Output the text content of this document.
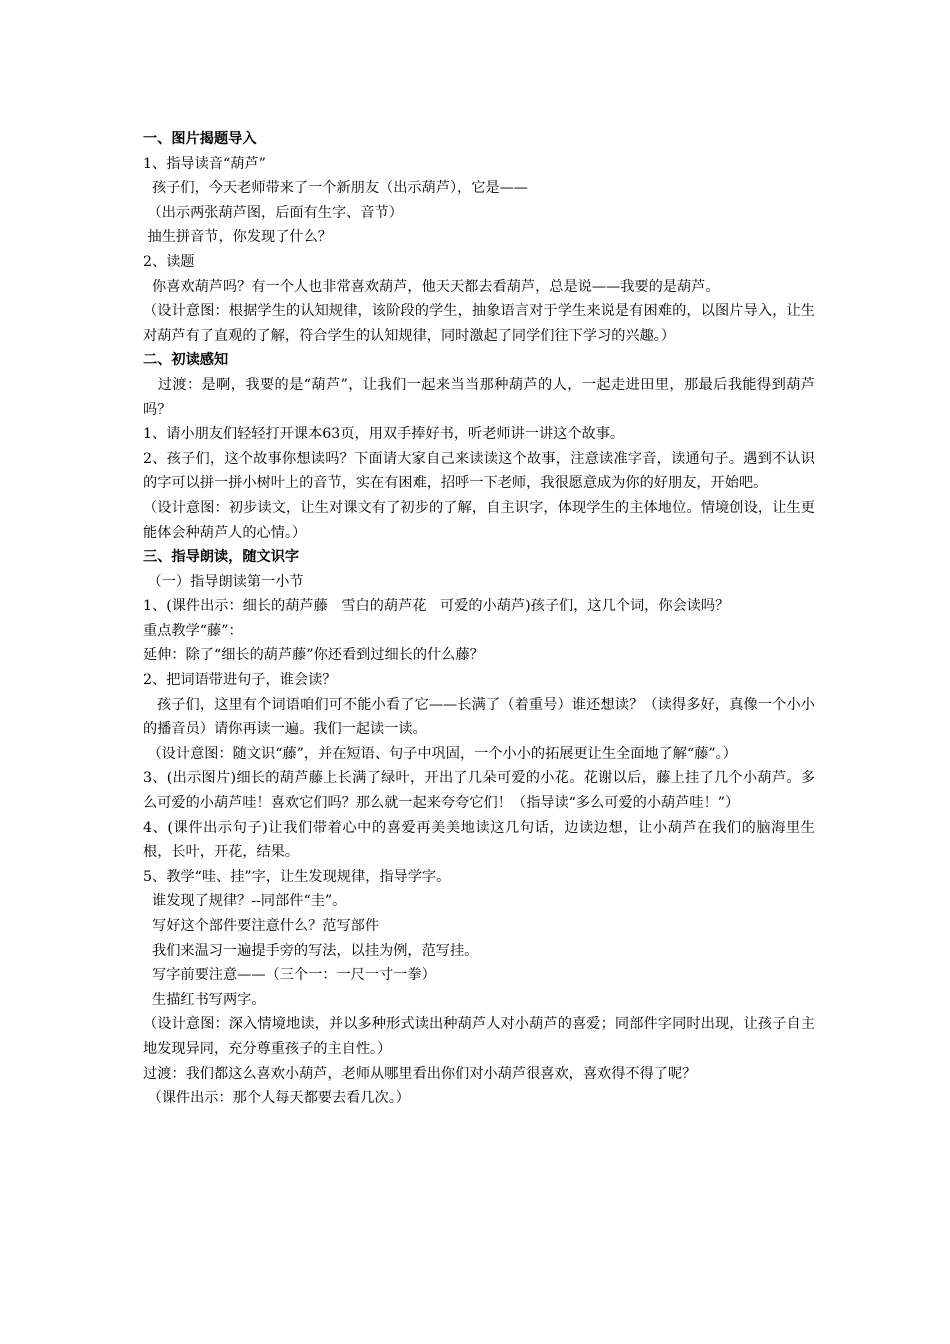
一、图片揭题导入
1、指导读音“葫芦”
孩子们，今天老师带来了一个新朋友（出示葫芦），它是——
（出示两张葫芦图，后面有生字、音节）
抽生拼音节，你发现了什么？
2、读题
你喜欢葫芦吗？有一个人也非常喜欢葫芦，他天天都去看葫芦，总是说——我要的是葫芦。
（设计意图：根据学生的认知规律，该阶段的学生，抽象语言对于学生来说是有困难的，以图片导入，让生对葫芦有了直观的了解，符合学生的认知规律，同时激起了同学们往下学习的兴趣。）
二、初读感知
过渡：是啊，我要的是“葫芦”，让我们一起来当当那种葫芦的人，一起走进田里，那最后我能得到葫芦吗？
1、请小朋友们轻轻打开课本63页，用双手捧好书，听老师讲一讲这个故事。
2、孩子们，这个故事你想读吗？下面请大家自己来读读这个故事，注意读准字音，读通句子。遇到不认识的字可以拼一拼小树叶上的音节，实在有困难，招呼一下老师，我很愿意成为你的好朋友，开始吧。
（设计意图：初步读文，让生对课文有了初步的了解，自主识字，体现学生的主体地位。情境创设，让生更能体会种葫芦人的心情。）
三、指导朗读，随文识字
（一）指导朗读第一小节
1、(课件出示：细长的葫芦藤   雪白的葫芦花   可爱的小葫芦)孩子们，这几个词，你会读吗？
重点教学“藤”：
延伸：除了“细长的葫芦藤”你还看到过细长的什么藤？
2、把词语带进句子，谁会读？
孩子们，这里有个词语咱们可不能小看了它——长满了（着重号）谁还想读？（读得多好，真像一个小小的播音员）请你再读一遍。我们一起读一读。
（设计意图：随文识“藤”，并在短语、句子中巩固，一个小小的拓展更让生全面地了解“藤”。）
3、(出示图片)细长的葫芦藤上长满了绿叶，开出了几朵可爱的小花。花谢以后，藤上挂了几个小葫芦。多么可爱的小葫芦哇！喜欢它们吗？那么就一起来夸夸它们！（指导读“多么可爱的小葫芦哇！”）
4、(课件出示句子)让我们带着心中的喜爱再美美地读这几句话，边读边想，让小葫芦在我们的脑海里生根，长叶，开花，结果。
5、教学“哇、挂”字，让生发现规律，指导学字。
谁发现了规律？--同部件“圭”。
写好这个部件要注意什么？范写部件
我们来温习一遍提手旁的写法，以挂为例，范写挂。
写字前要注意——（三个一：一尺一寸一拳）
生描红书写两字。
（设计意图：深入情境地读，并以多种形式读出种葫芦人对小葫芦的喜爱；同部件字同时出现，让孩子自主地发现异同，充分尊重孩子的主自性。）
过渡：我们都这么喜欢小葫芦，老师从哪里看出你们对小葫芦很喜欢，喜欢得不得了呢？
（课件出示：那个人每天都要去看几次。）
